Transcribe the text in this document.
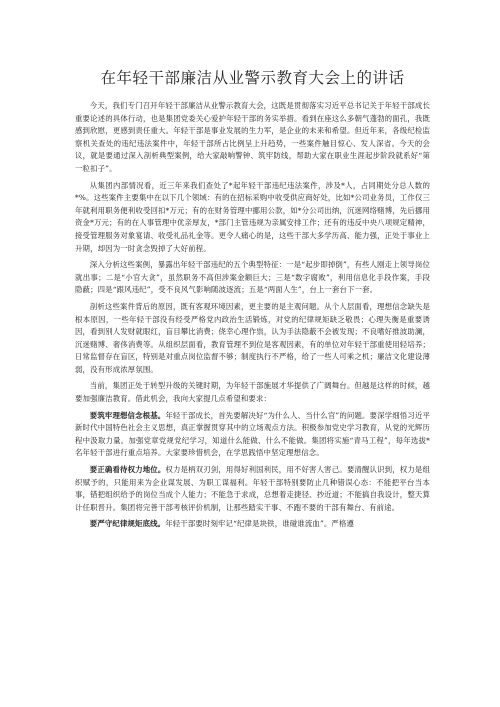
在年轻干部廉洁从业警示教育大会上的讲话

今天，我们专门召开年轻干部廉洁从业警示教育大会，这既是贯彻落实习近平总书记关于年轻干部成长重要论述的具体行动，也是集团党委关心爱护年轻干部的务实举措。看到在座这么多朝气蓬勃的面孔，我既感到欣慰，更感到责任重大。年轻干部是事业发展的生力军，是企业的未来和希望。但近年来，各级纪检监察机关查处的违纪违法案件中，年轻干部所占比例呈上升趋势，一些案件触目惊心、发人深省。今天的会议，就是要通过深入剖析典型案例，给大家敲响警钟、筑牢防线，帮助大家在职业生涯起步阶段就系好“第一粒扣子”。

从集团内部情况看，近三年来我们查处了*起年轻干部违纪违法案件，涉及*人，占同期处分总人数的*%。这些案件主要集中在以下几个领域：有的在招标采购中收受供应商好处，比如*公司业务员，工作仅三年就利用职务便利收受回扣*万元；有的在财务管理中挪用公款，如*分公司出纳，沉迷网络赌博，先后挪用资金*万元；有的在人事管理中优亲厚友，*部门主管违规为亲属安排工作；还有的违反中央八项规定精神，接受管理服务对象宴请、收受礼品礼金等。更令人痛心的是，这些干部大多学历高、能力强，正处于事业上升期，却因为一时贪念毁掉了大好前程。

深入分析这些案例，暴露出年轻干部违纪的五个典型特征：一是“起步即掉倒”，有些人刚走上领导岗位就出事；二是“小官大贪”，虽然职务不高但涉案金额巨大；三是“数字腐败”，利用信息化手段作案，手段隐蔽；四是“跟风违纪”，受不良风气影响随波逐流；五是“两面人生”，台上一套台下一套。

剖析这些案件背后的原因，既有客观环境因素，更主要的是主观问题。从个人层面看，理想信念缺失是根本原因，一些年轻干部没有经受严格党内政治生活锻炼，对党的纪律规矩缺乏敬畏；心理失衡是重要诱因，看到别人发财就眼红，盲目攀比消费；侥幸心理作祟，认为手法隐蔽不会被发现；不良嗜好推波助澜，沉迷赌博、奢侈消费等。从组织层面看，教育管理不到位是客观因素，有的单位对年轻干部重使用轻培养；日常监督存在盲区，特别是对重点岗位监督不够；制度执行不严格，给了一些人可乘之机；廉洁文化建设薄弱，没有形成浓厚氛围。

当前，集团正处于转型升级的关键时期，为年轻干部施展才华提供了广阔舞台。但越是这样的时候，越要加强廉洁教育。借此机会，我向大家提几点希望和要求：

要筑牢理想信念根基。年轻干部成长，首先要解决好“为什么人、当什么官”的问题。要深学细悟习近平新时代中国特色社会主义思想，真正掌握贯穿其中的立场观点方法。积极参加党史学习教育，从党的光辉历程中汲取力量。加强党章党规党纪学习，知道什么能做、什么不能做。集团将实施“青马工程”，每年选拔*名年轻干部进行重点培养。大家要珍惜机会，在学思践悟中坚定理想信念。

要正确看待权力地位。权力是柄双刃剑，用得好利国利民，用不好害人害己。要清醒认识到，权力是组织赋予的，只能用来为企业谋发展、为职工谋福利。年轻干部特别要防止几种错误心态：不能把平台当本事，错把组织给予的岗位当成个人能力；不能急于求成，总想着走捷径、抄近道；不能搞自我设计，整天算计任职晋升。集团将完善干部考核评价机制，让那些踏实干事、不跑不要的干部有舞台、有前途。

要严守纪律规矩底线。年轻干部要时刻牢记“纪律是块铁，谁碰谁流血”。严格遵
